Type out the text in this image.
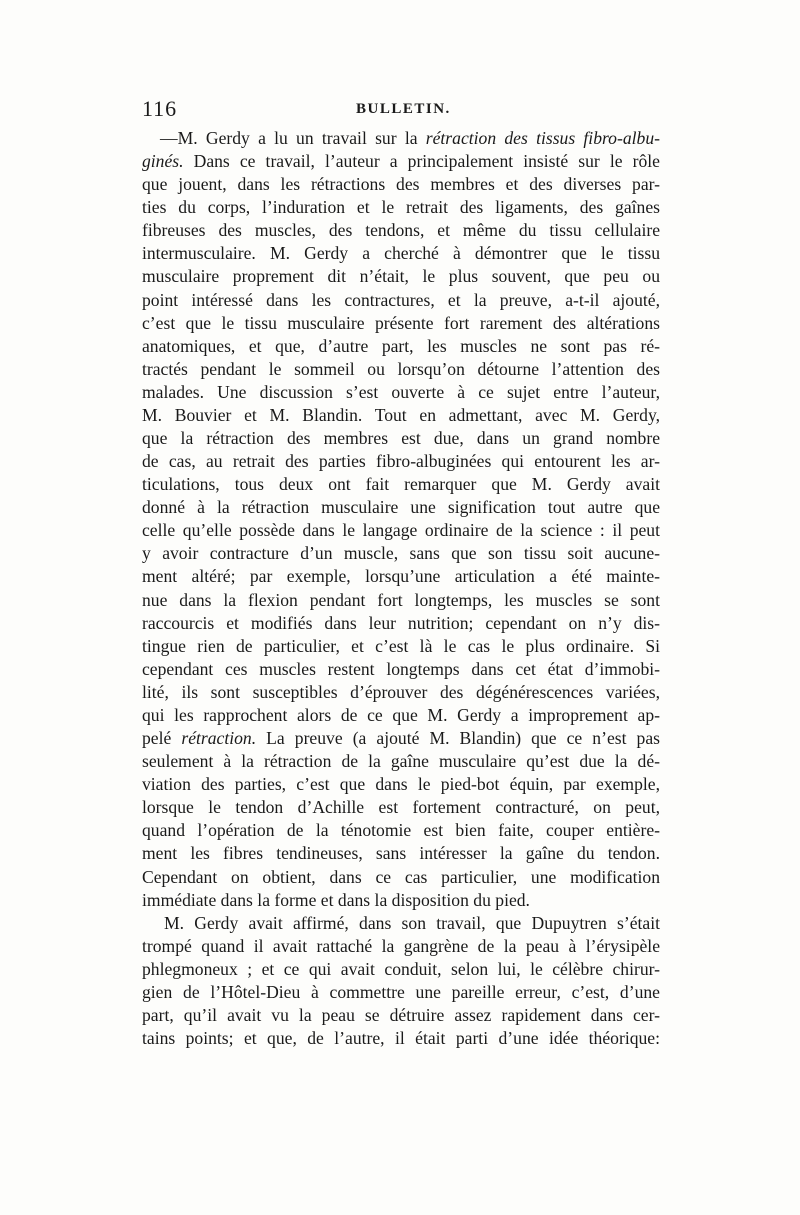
116	BULLETIN.
—M. Gerdy a lu un travail sur la rétraction des tissus fibro-albu-
ginés. Dans ce travail, l’auteur a principalement insisté sur le rôle
que jouent, dans les rétractions des membres et des diverses par-
ties du corps, l’induration et le retrait des ligaments, des gaînes
fibreuses des muscles, des tendons, et même du tissu cellulaire
intermusculaire. M. Gerdy a cherché à démontrer que le tissu
musculaire proprement dit n’était, le plus souvent, que peu ou
point intéressé dans les contractures, et la preuve, a-t-il ajouté,
c’est que le tissu musculaire présente fort rarement des altérations
anatomiques, et que, d’autre part, les muscles ne sont pas ré-
tractés pendant le sommeil ou lorsqu’on détourne l’attention des
malades. Une discussion s’est ouverte à ce sujet entre l’auteur,
M. Bouvier et M. Blandin. Tout en admettant, avec M. Gerdy,
que la rétraction des membres est due, dans un grand nombre
de cas, au retrait des parties fibro-albuginées qui entourent les ar-
ticulations, tous deux ont fait remarquer que M. Gerdy avait
donné à la rétraction musculaire une signification tout autre que
celle qu’elle possède dans le langage ordinaire de la science : il peut
y avoir contracture d’un muscle, sans que son tissu soit aucune-
ment altéré; par exemple, lorsqu’une articulation a été mainte-
nue dans la flexion pendant fort longtemps, les muscles se sont
raccourcis et modifiés dans leur nutrition; cependant on n’y dis-
tingue rien de particulier, et c’est là le cas le plus ordinaire. Si
cependant ces muscles restent longtemps dans cet état d’immobi-
lité, ils sont susceptibles d’éprouver des dégénérescences variées,
qui les rapprochent alors de ce que M. Gerdy a improprement ap-
pelé rétraction. La preuve (a ajouté M. Blandin) que ce n’est pas
seulement à la rétraction de la gaîne musculaire qu’est due la dé-
viation des parties, c’est que dans le pied-bot équin, par exemple,
lorsque le tendon d’Achille est fortement contracturé, on peut,
quand l’opération de la ténotomie est bien faite, couper entière-
ment les fibres tendineuses, sans intéresser la gaîne du tendon.
Cependant on obtient, dans ce cas particulier, une modification
immédiate dans la forme et dans la disposition du pied.
M. Gerdy avait affirmé, dans son travail, que Dupuytren s’était
trompé quand il avait rattaché la gangrène de la peau à l’érysipèle
phlegmoneux ; et ce qui avait conduit, selon lui, le célèbre chirur-
gien de l’Hôtel-Dieu à commettre une pareille erreur, c’est, d’une
part, qu’il avait vu la peau se détruire assez rapidement dans cer-
tains points; et que, de l’autre, il était parti d’une idée théorique:
